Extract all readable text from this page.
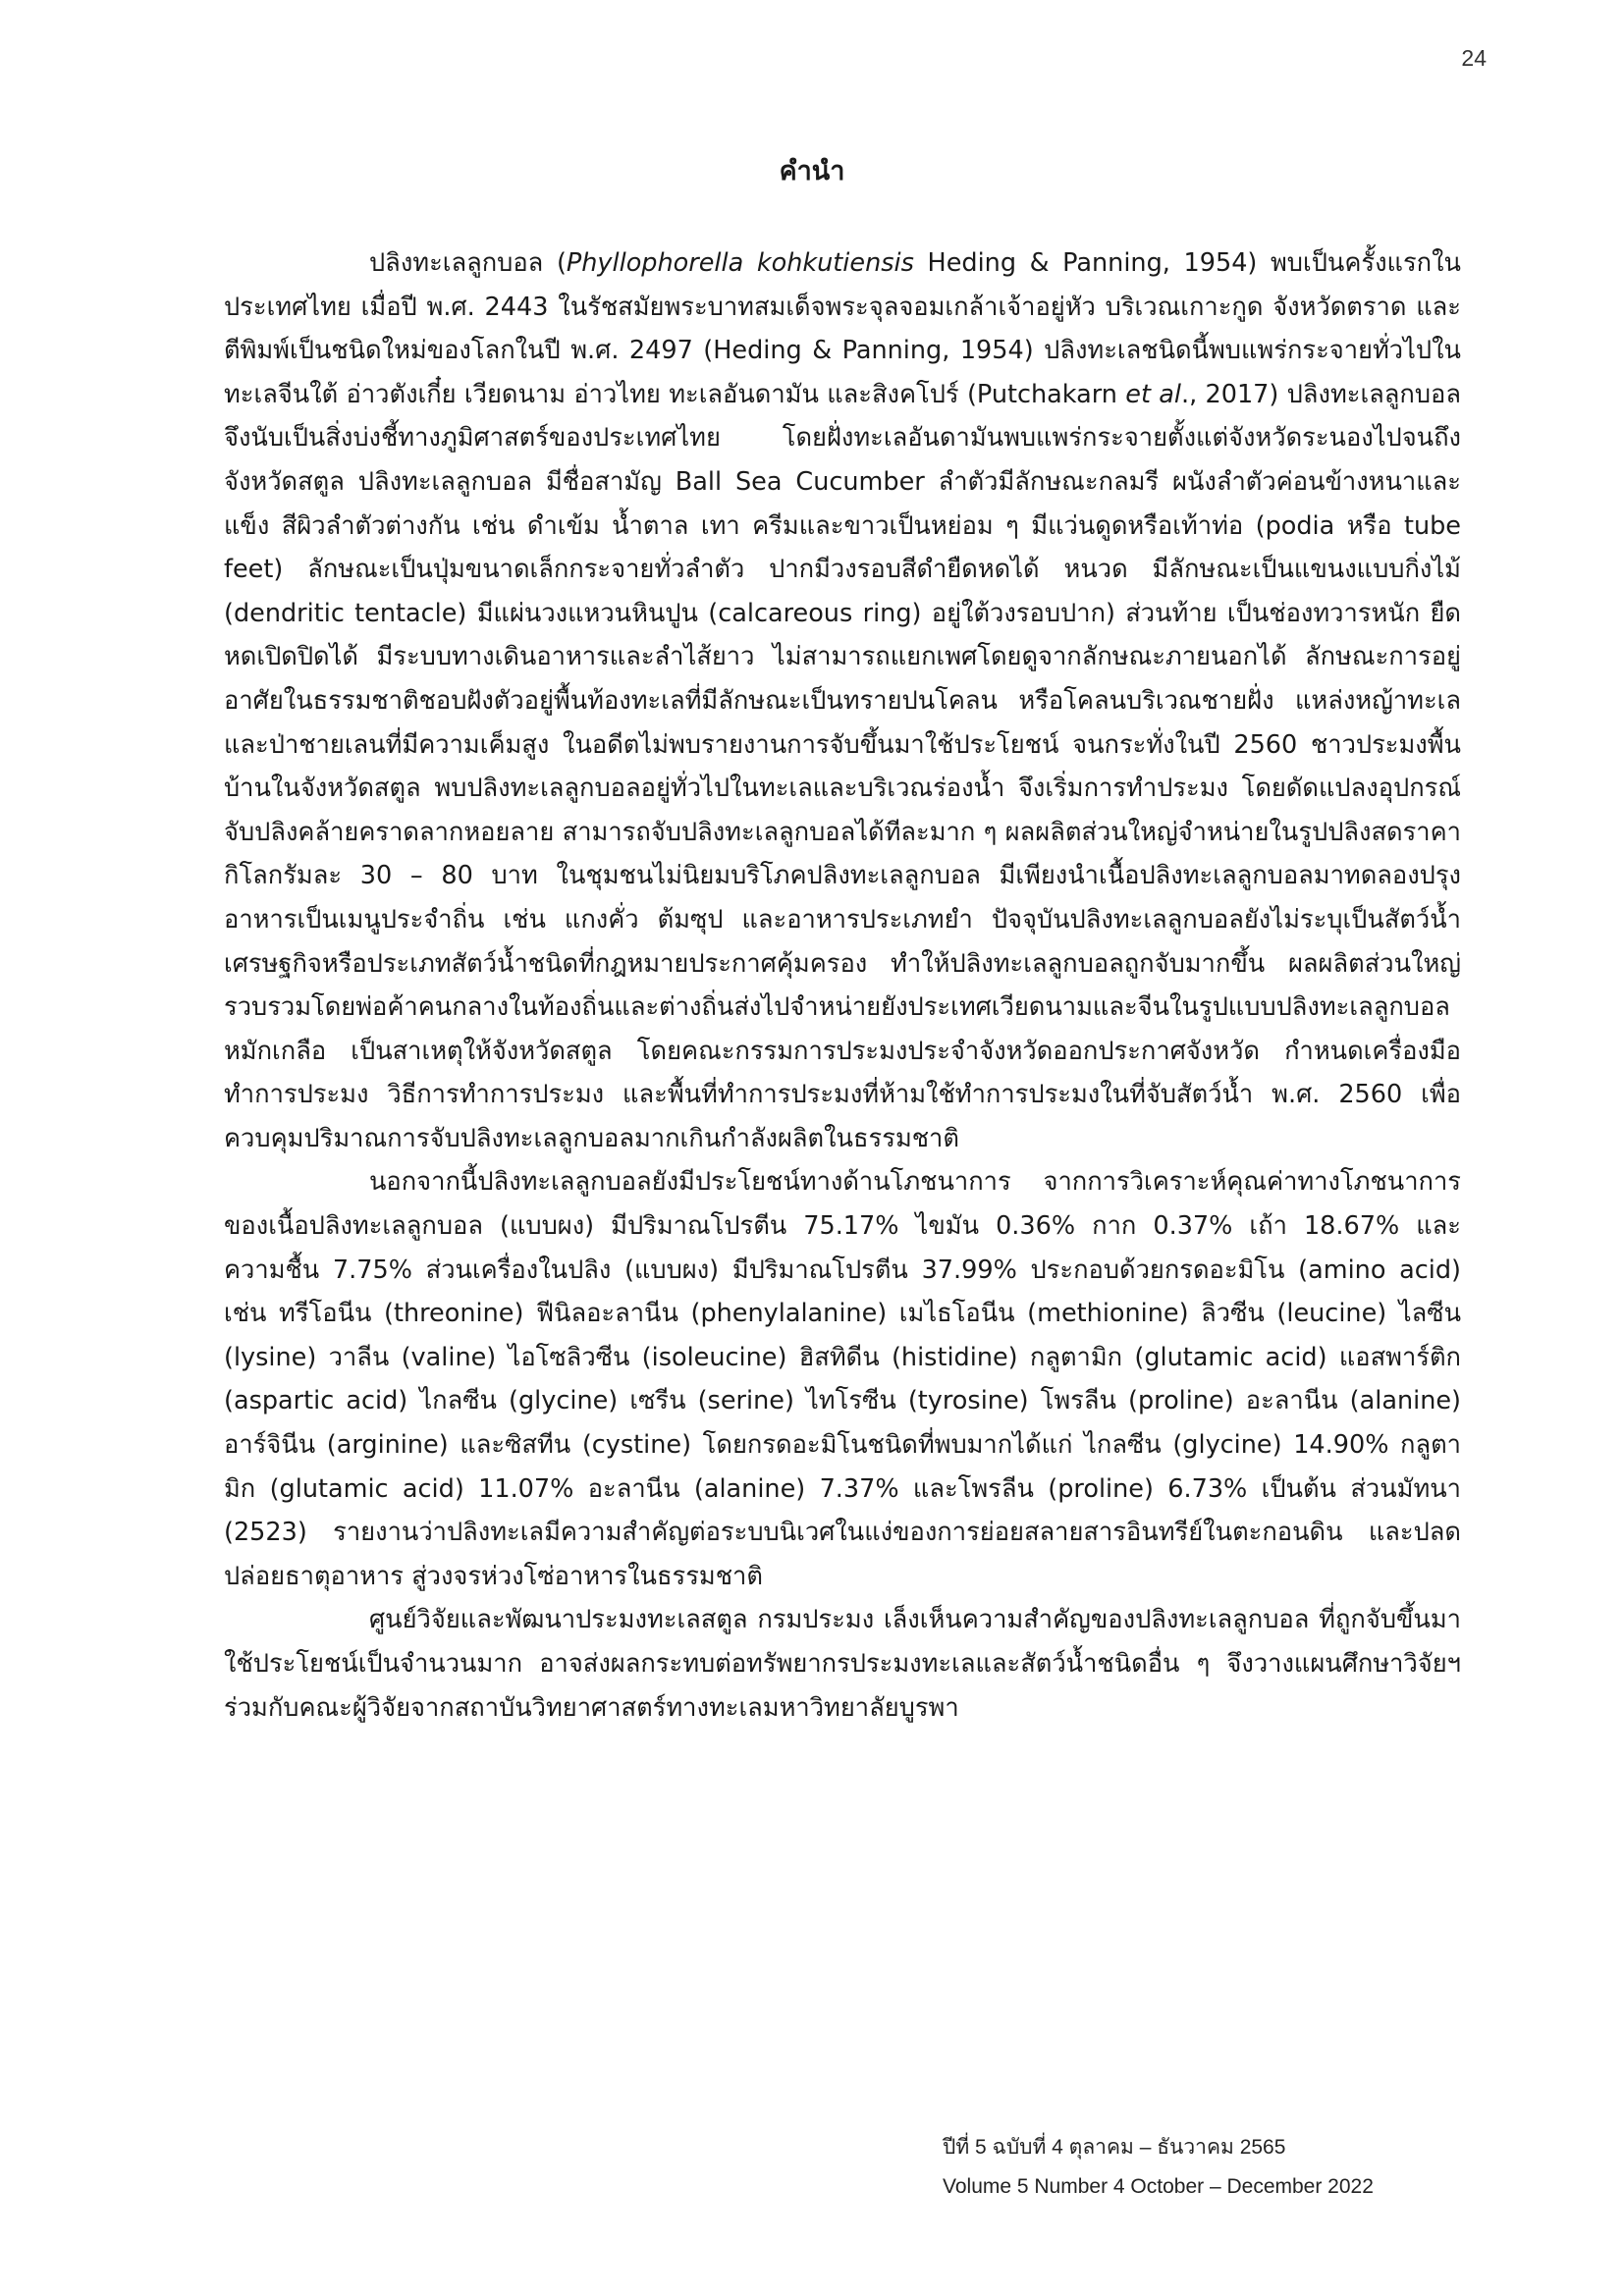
24
คำนำ

ปลิงทะเลลูกบอล (Phyllophorella kohkutiensis Heding & Panning, 1954) พบเป็นครั้งแรกในประเทศไทย เมื่อปี พ.ศ. 2443 ในรัชสมัยพระบาทสมเด็จพระจุลจอมเกล้าเจ้าอยู่หัว บริเวณเกาะกูด จังหวัดตราด และตีพิมพ์เป็นชนิดใหม่ของโลกในปี พ.ศ. 2497 (Heding & Panning, 1954) ปลิงทะเลชนิดนี้พบแพร่กระจายทั่วไปในทะเลจีนใต้ อ่าวตังเกี๋ย เวียดนาม อ่าวไทย ทะเลอันดามัน และสิงคโปร์ (Putchakarn et al., 2017) ปลิงทะเลลูกบอลจึงนับเป็นสิ่งบ่งชี้ทางภูมิศาสตร์ของประเทศไทย โดยฝั่งทะเลอันดามันพบแพร่กระจายตั้งแต่จังหวัดระนองไปจนถึงจังหวัดสตูล ปลิงทะเลลูกบอล มีชื่อสามัญ Ball Sea Cucumber ลำตัวมีลักษณะกลมรี ผนังลำตัวค่อนข้างหนาและแข็ง สีผิวลำตัวต่างกัน เช่น ดำเข้ม น้ำตาล เทา ครีมและขาวเป็นหย่อม ๆ มีแว่นดูดหรือเท้าท่อ (podia หรือ tube feet) ลักษณะเป็นปุ่มขนาดเล็กกระจายทั่วลำตัว ปากมีวงรอบสีดำยืดหดได้ หนวด มีลักษณะเป็นแขนงแบบกิ่งไม้ (dendritic tentacle) มีแผ่นวงแหวนหินปูน (calcareous ring) อยู่ใต้วงรอบปาก) ส่วนท้าย เป็นช่องทวารหนัก ยืดหดเปิดปิดได้ มีระบบทางเดินอาหารและลำไส้ยาว ไม่สามารถแยกเพศโดยดูจากลักษณะภายนอกได้ ลักษณะการอยู่อาศัยในธรรมชาติชอบฝังตัวอยู่พื้นท้องทะเลที่มีลักษณะเป็นทรายปนโคลน หรือโคลนบริเวณชายฝั่ง แหล่งหญ้าทะเลและป่าชายเลนที่มีความเค็มสูง ในอดีตไม่พบรายงานการจับขึ้นมาใช้ประโยชน์ จนกระทั่งในปี 2560 ชาวประมงพื้นบ้านในจังหวัดสตูล พบปลิงทะเลลูกบอลอยู่ทั่วไปในทะเลและบริเวณร่องน้ำ จึงเริ่มการทำประมง โดยดัดแปลงอุปกรณ์จับปลิงคล้ายคราดลากหอยลาย สามารถจับปลิงทะเลลูกบอลได้ทีละมาก ๆ ผลผลิตส่วนใหญ่จำหน่ายในรูปปลิงสดราคากิโลกรัมละ 30 – 80 บาท ในชุมชนไม่นิยมบริโภคปลิงทะเลลูกบอล มีเพียงนำเนื้อปลิงทะเลลูกบอลมาทดลองปรุงอาหารเป็นเมนูประจำถิ่น เช่น แกงคั่ว ต้มซุป และอาหารประเภทยำ ปัจจุบันปลิงทะเลลูกบอลยังไม่ระบุเป็นสัตว์น้ำเศรษฐกิจหรือประเภทสัตว์น้ำชนิดที่กฎหมายประกาศคุ้มครอง ทำให้ปลิงทะเลลูกบอลถูกจับมากขึ้น ผลผลิตส่วนใหญ่รวบรวมโดยพ่อค้าคนกลางในท้องถิ่นและต่างถิ่นส่งไปจำหน่ายยังประเทศเวียดนามและจีนในรูปแบบปลิงทะเลลูกบอลหมักเกลือ เป็นสาเหตุให้จังหวัดสตูล โดยคณะกรรมการประมงประจำจังหวัดออกประกาศจังหวัด กำหนดเครื่องมือทำการประมง วิธีการทำการประมง และพื้นที่ทำการประมงที่ห้ามใช้ทำการประมงในที่จับสัตว์น้ำ พ.ศ. 2560 เพื่อควบคุมปริมาณการจับปลิงทะเลลูกบอลมากเกินกำลังผลิตในธรรมชาติ

นอกจากนี้ปลิงทะเลลูกบอลยังมีประโยชน์ทางด้านโภชนาการ จากการวิเคราะห์คุณค่าทางโภชนาการของเนื้อปลิงทะเลลูกบอล (แบบผง) มีปริมาณโปรตีน 75.17% ไขมัน 0.36% กาก 0.37% เถ้า 18.67% และความชื้น 7.75% ส่วนเครื่องในปลิง (แบบผง) มีปริมาณโปรตีน 37.99% ประกอบด้วยกรดอะมิโน (amino acid) เช่น ทรีโอนีน (threonine) ฟีนิลอะลานีน (phenylalanine) เมไธโอนีน (methionine) ลิวซีน (leucine) ไลซีน (lysine) วาลีน (valine) ไอโซลิวซีน (isoleucine) ฮิสทิดีน (histidine) กลูตามิก (glutamic acid) แอสพาร์ติก (aspartic acid) ไกลซีน (glycine) เซรีน (serine) ไทโรซีน (tyrosine) โพรลีน (proline) อะลานีน (alanine) อาร์จินีน (arginine) และซิสทีน (cystine) โดยกรดอะมิโนชนิดที่พบมากได้แก่ ไกลซีน (glycine) 14.90% กลูตามิก (glutamic acid) 11.07% อะลานีน (alanine) 7.37% และโพรลีน (proline) 6.73% เป็นต้น ส่วนมัทนา (2523) รายงานว่าปลิงทะเลมีความสำคัญต่อระบบนิเวศในแง่ของการย่อยสลายสารอินทรีย์ในตะกอนดิน และปลดปล่อยธาตุอาหาร สู่วงจรห่วงโซ่อาหารในธรรมชาติ

ศูนย์วิจัยและพัฒนาประมงทะเลสตูล กรมประมง เล็งเห็นความสำคัญของปลิงทะเลลูกบอล ที่ถูกจับขึ้นมาใช้ประโยชน์เป็นจำนวนมาก อาจส่งผลกระทบต่อทรัพยากรประมงทะเลและสัตว์น้ำชนิดอื่น ๆ จึงวางแผนศึกษาวิจัยฯร่วมกับคณะผู้วิจัยจากสถาบันวิทยาศาสตร์ทางทะเลมหาวิทยาลัยบูรพา

ปีที่ 5 ฉบับที่ 4 ตุลาคม – ธันวาคม 2565
Volume 5 Number 4 October – December 2022
